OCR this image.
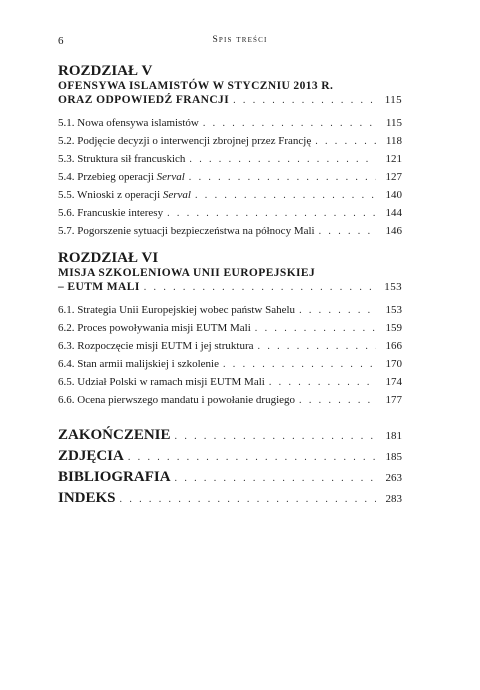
6	Spis treści
ROZDZIAŁ V
OFENSYWA ISLAMISTÓW W STYCZNIU 2013 R.
ORAZ ODPOWIEDŹ FRANCJI . . .	115
5.1. Nowa ofensywa islamistów . . .	115
5.2. Podjęcie decyzji o interwencji zbrojnej przez Francję . . .	118
5.3. Struktura sił francuskich . . .	121
5.4. Przebieg operacji Serval . . .	127
5.5. Wnioski z operacji Serval . . .	140
5.6. Francuskie interesy . . .	144
5.7. Pogorszenie sytuacji bezpieczeństwa na północy Mali . . .	146
ROZDZIAŁ VI
MISJA SZKOLENIOWA UNII EUROPEJSKIEJ
– EUTM MALI . . .	153
6.1. Strategia Unii Europejskiej wobec państw Sahelu . . .	153
6.2. Proces powoływania misji EUTM Mali . . .	159
6.3. Rozpoczęcie misji EUTM i jej struktura . . .	166
6.4. Stan armii malijskiej i szkolenie . . .	170
6.5. Udział Polski w ramach misji EUTM Mali . . .	174
6.6. Ocena pierwszego mandatu i powołanie drugiego . . .	177
ZAKOŃCZENIE . . .	181
ZDJĘCIA . . .	185
BIBLIOGRAFIA . . .	263
INDEKS . . .	283
